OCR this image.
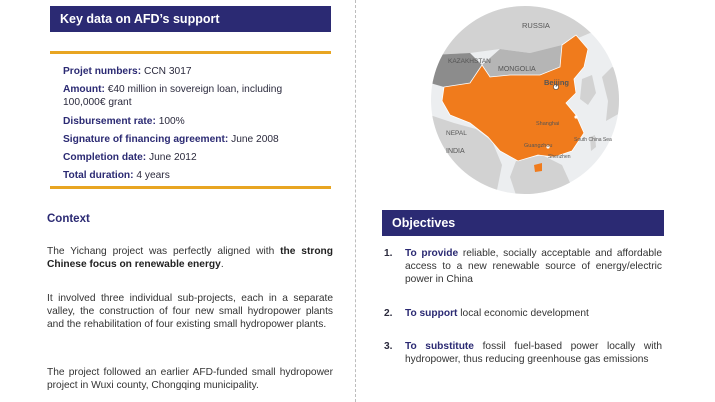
Key data on AFD’s support
Projet numbers: CCN 3017
Amount: €40 million in sovereign loan, including
100,000€ grant
Disbursement rate: 100%
Signature of financing agreement: June 2008
Completion date: June 2012
Total duration: 4 years
Context
The Yichang project was perfectly aligned with the strong Chinese focus on renewable energy.
It involved three individual sub-projects, each in a separate valley, the construction of four new small hydropower plants and the rehabilitation of four existing small hydropower plants.
The project followed an earlier AFD-funded small hydropower project in Wuxi county, Chongqing municipality.
RUSSIA
KAZAKHSTAN
MONGOLIA
Beijing
NEPAL
INDIA
Shanghai
Guangzhou
Shenzhen
South China Sea
Objectives
1.	To provide reliable, socially acceptable and affordable access to a new renewable source of energy/electric power in China
2.	To support local economic development
3.	To substitute fossil fuel-based power locally with hydropower, thus reducing greenhouse gas emissions
